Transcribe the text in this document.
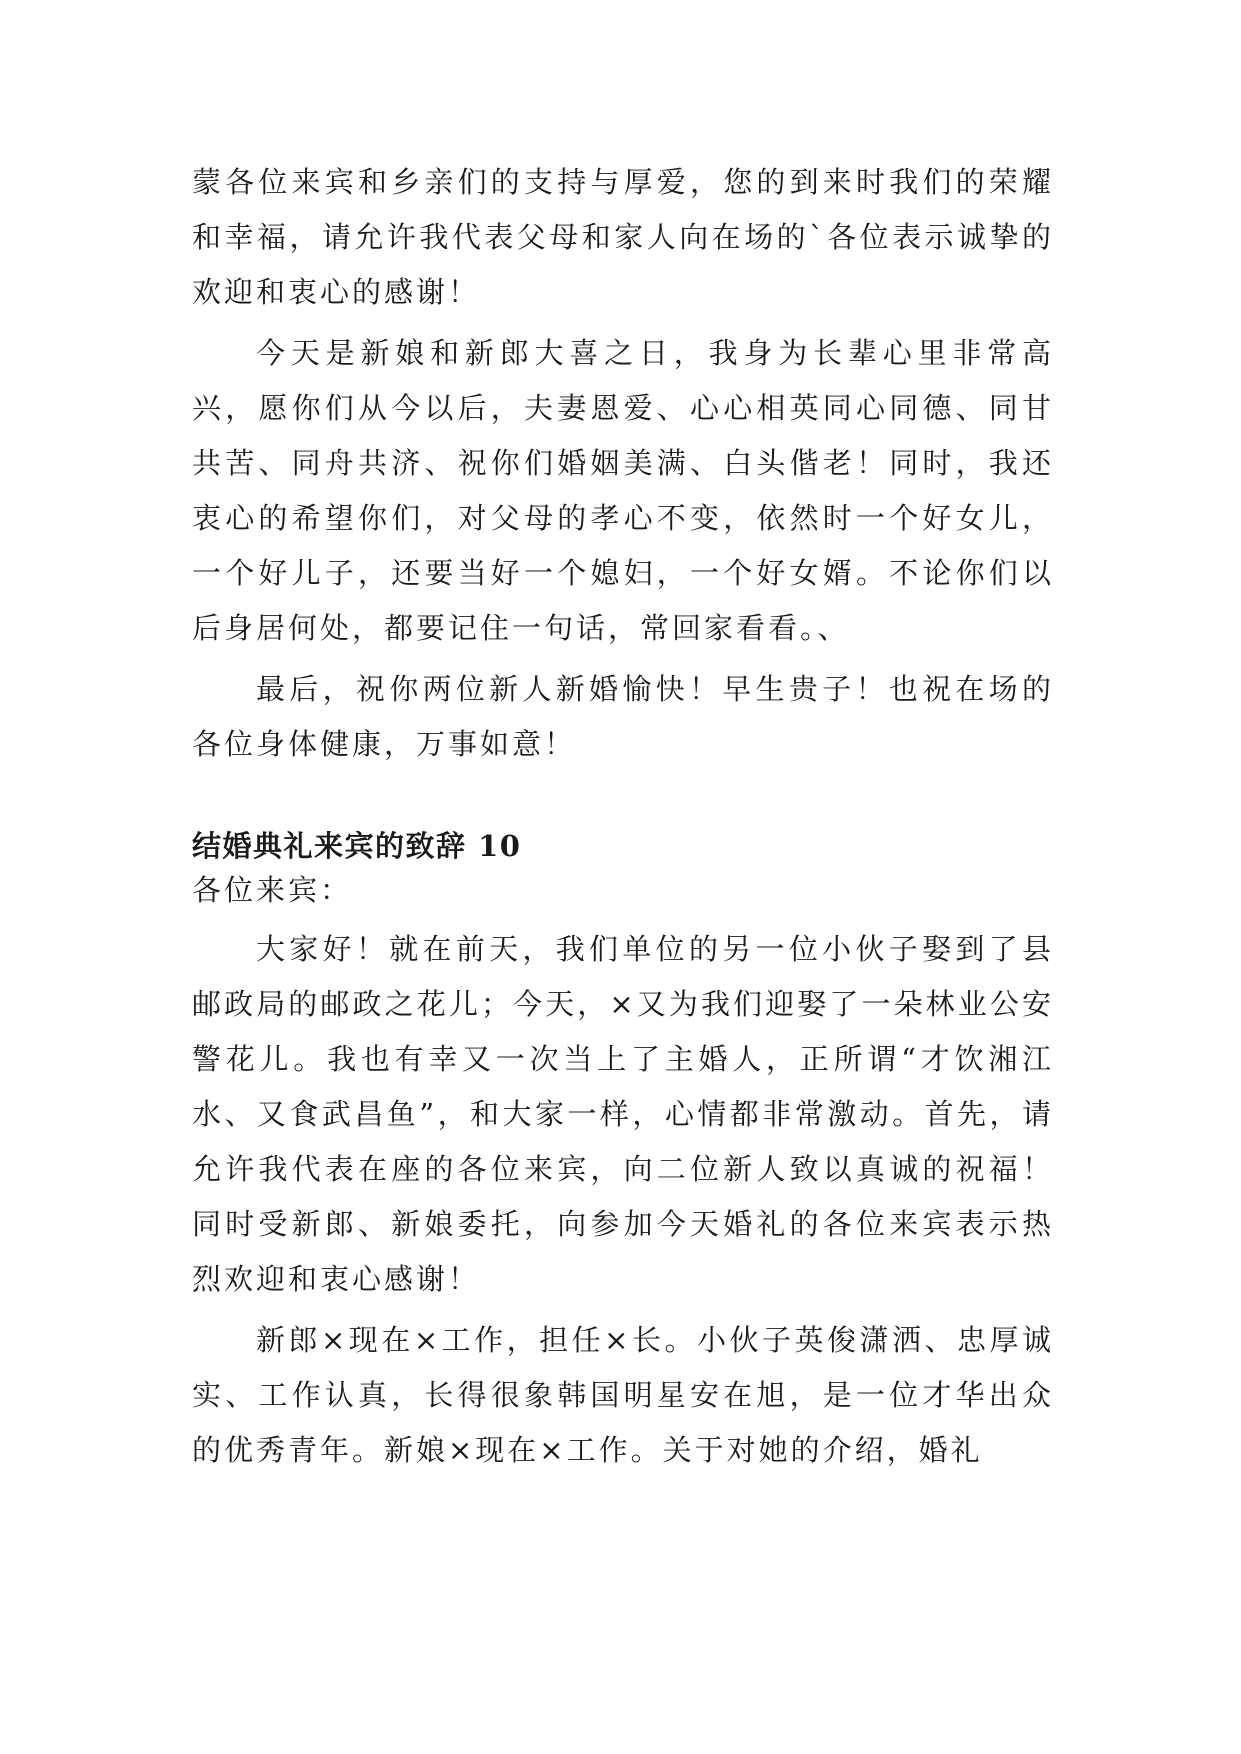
蒙各位来宾和乡亲们的支持与厚爱，您的到来时我们的荣耀和幸福，请允许我代表父母和家人向在场的`各位表示诚挚的欢迎和衷心的感谢！

今天是新娘和新郎大喜之日，我身为长辈心里非常高兴，愿你们从今以后，夫妻恩爱、心心相英同心同德、同甘共苦、同舟共济、祝你们婚姻美满、白头偕老！同时，我还衷心的希望你们，对父母的孝心不变，依然时一个好女儿，一个好儿子，还要当好一个媳妇，一个好女婿。不论你们以后身居何处，都要记住一句话，常回家看看。、

最后，祝你两位新人新婚愉快！早生贵子！也祝在场的各位身体健康，万事如意！

结婚典礼来宾的致辞 10

各位来宾：

大家好！就在前天，我们单位的另一位小伙子娶到了县邮政局的邮政之花儿；今天，×又为我们迎娶了一朵林业公安警花儿。我也有幸又一次当上了主婚人，正所谓“才饮湘江水、又食武昌鱼”，和大家一样，心情都非常激动。首先，请允许我代表在座的各位来宾，向二位新人致以真诚的祝福！同时受新郎、新娘委托，向参加今天婚礼的各位来宾表示热烈欢迎和衷心感谢！

新郎×现在×工作，担任×长。小伙子英俊潇洒、忠厚诚实、工作认真，长得很象韩国明星安在旭，是一位才华出众的优秀青年。新娘×现在×工作。关于对她的介绍，婚礼
